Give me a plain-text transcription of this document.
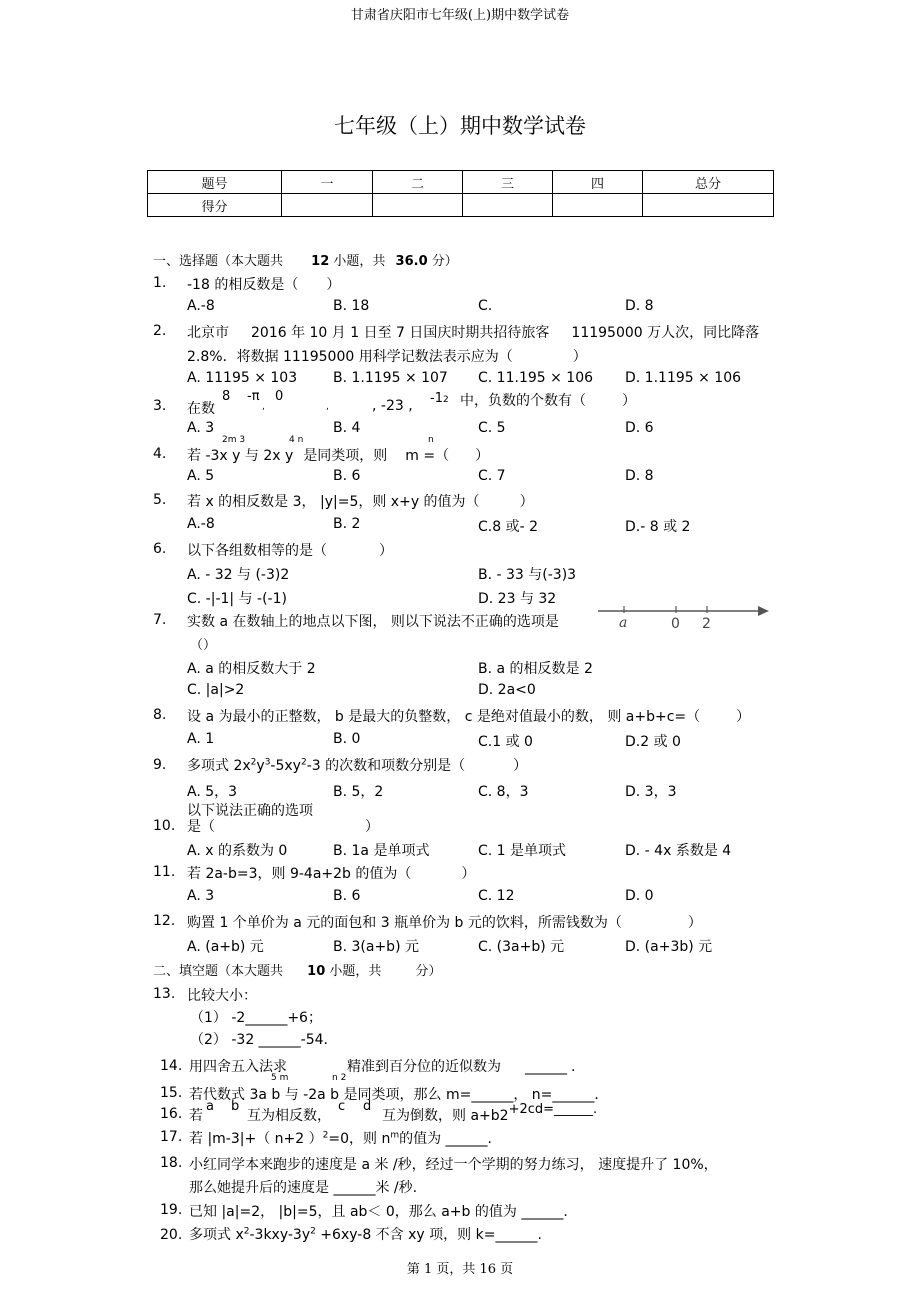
甘肃省庆阳市七年级(上)期中数学试卷
七年级（上）期中数学试卷
题号	一	二	三	四	总分
得分					
一、选择题（本大题共 12 小题，共 36.0 分）
1. -18 的相反数是（ ）
A.-8	B. 18	C.	D. 8
2. 北京市 2016 年 10 月 1 日至 7 日国庆时期共招待旅客 11195000 万人次，同比降落
2.8%．将数据 11195000 用科学记数法表示应为（	）
A. 11195 × 103	B. 1.1195 × 107 C. 11.195 × 106 D. 1.1195 × 106
3. 在数
8 -π 0
,	,	, -23 , -12 中，负数的个数有（	）
A. 3	B. 4	C. 5	D. 6
2m 3	4 n	n
4. 若 -3x y 与 2x y 是同类项，则 m =（ ）
A. 5	B. 6	C. 7	D. 8
5. 若 x 的相反数是 3， |y|=5，则 x+y 的值为（	）
A.-8	B. 2	C.8 或- 2	D.- 8 或 2
6. 以下各组数相等的是（	）
A. - 32 与 (-3)2	B. - 33 与(-3)3
C. -|-1| 与 -(-1)	D. 23 与 32
7. 实数 a 在数轴上的地点以下图， 则以下说法不正确的选项是
（）
a	0 2
A. a 的相反数大于 2	B. a 的相反数是 2
C. |a|>2	D. 2a<0
8. 设 a 为最小的正整数， b 是最大的负整数， c 是绝对值最小的数， 则 a+b+c=（	）
A. 1	B. 0	C.1 或 0	D.2 或 0
9. 多项式 $2x^2y^3-5xy^2-3$ 的次数和项数分别是（	）
A. 5，3	B. 5，2	C. 8，3	D. 3，3
以下说法正确的选项
10. 是（	）
A. x 的系数为 0	B. 1a 是单项式	C. 1 是单项式	D. - 4x 系数是 4
11. 若 2a-b=3，则 9-4a+2b 的值为（	）
A. 3	B. 6	C. 12	D. 0
12. 购置 1 个单价为 a 元的面包和 3 瓶单价为 b 元的饮料，所需钱数为（	）
A. (a+b) 元	B. 3(a+b) 元	C. (3a+b) 元	D. (a+3b) 元
二、填空题（本大题共 10 小题，共	分）
13. 比较大小：
（1） -2______+6；
（2） -32 ______-54．
14. 用四舍五入法求	精准到百分位的近似数为 ______ .
5 m	n 2
15. 若代数式 3a b 与 -2a b 是同类项，那么 m=______， n=______．
16. 若
a b
互为相反数，
c d
互为倒数，则 a+b2+2cd=______.
17. 若 |m-3|+（ n+2 ）$^2$=0，则 $n^m$的值为 ______.
18. 小红同学本来跑步的速度是 a 米 /秒，经过一个学期的努力练习， 速度提升了 10%，
那么她提升后的速度是 ______米 /秒.
19. 已知 |a|=2， |b|=5，且 ab＜ 0，那么 a+b 的值为 ______.
20. 多项式 $x^2-3kxy-3y^2 +6xy-8$ 不含 xy 项，则 k=______.
第 1 页，共 16 页
